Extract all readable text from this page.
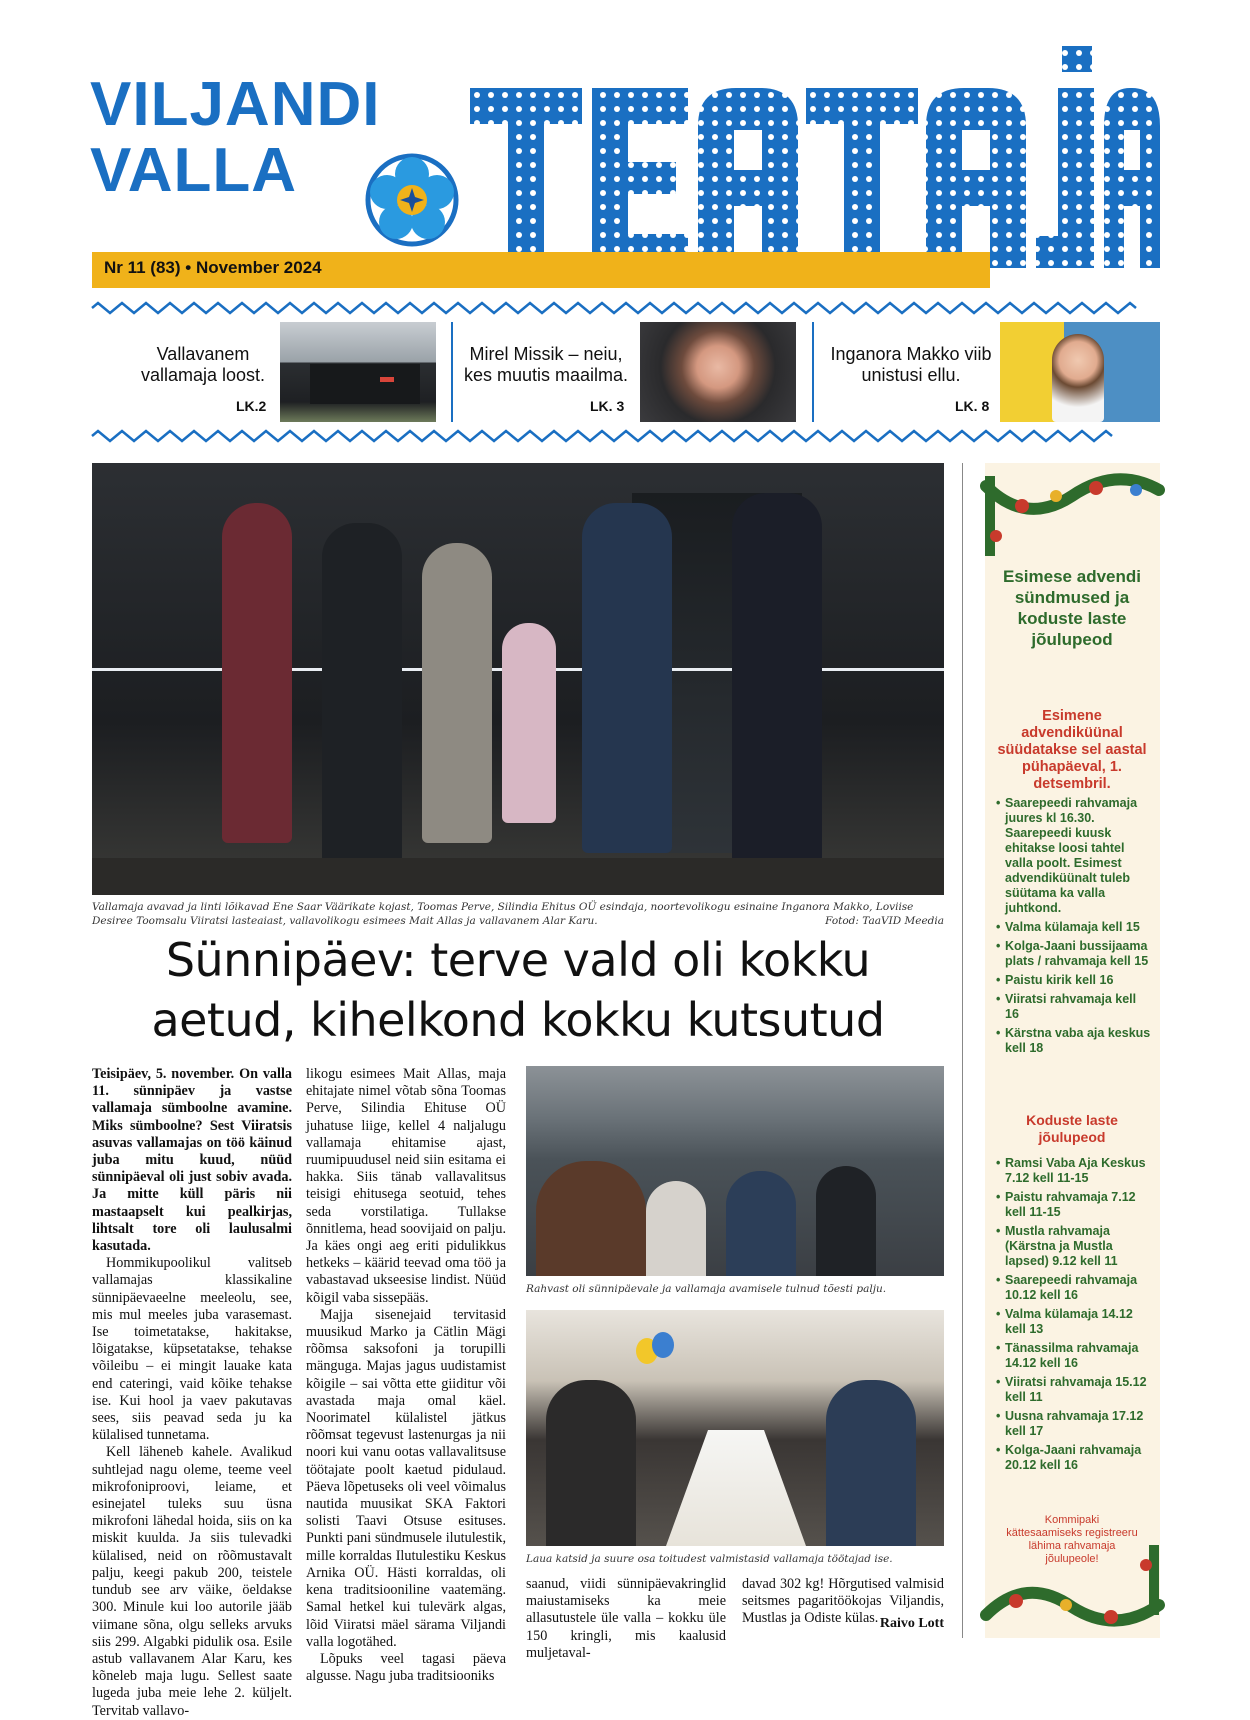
VILJANDI
VALLA
Nr 11 (83) • November 2024
Vallavanem
vallamaja loost.
LK.2
Mirel Missik – neiu,
kes muutis maailma.
LK. 3
Inganora Makko viib
unistusi ellu.
LK. 8
Vallamaja avavad ja linti lõikavad Ene Saar Väärikate kojast, Toomas Perve, Silindia Ehitus OÜ esindaja, noortevolikogu esinaine Inganora Makko, Loviise
Desiree Toomsalu Viiratsi lasteaiast, vallavolikogu esimees Mait Allas ja vallavanem Alar Karu.	Fotod: TaaVID Meedia
Sünnipäev: terve vald oli kokku
aetud, kihelkond kokku kutsutud

Teisipäev, 5. november. On valla 11. sünnipäev ja vastse vallamaja sümboolne avamine. Miks sümboolne? Sest Viiratsis asuvas vallamajas on töö käinud juba mitu kuud, nüüd sünnipäeval oli just sobiv avada. Ja mitte küll päris nii mastaapselt kui pealkirjas, lihtsalt tore oli laulusalmi kasutada.

Hommikupoolikul valitseb vallamajas klassikaline sünnipäevaeelne meeleolu, see, mis mul meeles juba varasemast. Ise toimetatakse, hakitakse, lõigatakse, küpsetatakse, tehakse võileibu – ei mingit lauake kata end cateringi, vaid kõike tehakse ise. Kui hool ja vaev pakutavas sees, siis peavad seda ju ka külalised tunnetama.

Kell läheneb kahele. Avalikud suhtlejad nagu oleme, teeme veel mikrofoniproovi, leiame, et esinejatel tuleks suu üsna mikrofoni lähedal hoida, siis on ka miskit kuulda. Ja siis tulevadki külalised, neid on rõõmustavalt palju, keegi pakub 200, teistele tundub see arv väike, öeldakse 300. Minule kui loo autorile jääb viimane sõna, olgu selleks arvuks siis 299. Algabki pidulik osa. Esile astub vallavanem Alar Karu, kes kõneleb maja lugu. Sellest saate lugeda juba meie lehe 2. küljelt. Tervitab vallavo-

likogu esimees Mait Allas, maja ehitajate nimel võtab sõna Toomas Perve, Silindia Ehituse OÜ juhatuse liige, kellel 4 naljalugu vallamaja ehitamise ajast, ruumipuudusel neid siin esitama ei hakka. Siis tänab vallavalitsus teisigi ehitusega seotuid, tehes seda vorstilatiga. Tullakse õnnitlema, head soovijaid on palju. Ja käes ongi aeg eriti pidulikkus hetkeks – käärid teevad oma töö ja vabastavad ukseesise lindist. Nüüd kõigil vaba sissepääs.

Majja sisenejaid tervitasid muusikud Marko ja Cätlin Mägi rõõmsa saksofoni ja torupilli mänguga. Majas jagus uudistamist kõigile – sai võtta ette giiditur või avastada maja omal käel. Noorimatel külalistel jätkus rõõmsat tegevust lastenurgas ja nii noori kui vanu ootas vallavalitsuse töötajate poolt kaetud pidulaud. Päeva lõpetuseks oli veel võimalus nautida muusikat SKA Faktori solisti Taavi Otsuse esituses. Punkti pani sündmusele ilutulestik, mille korraldas Ilutulestiku Keskus Arnika OÜ. Hästi korraldas, oli kena traditsiooniline vaatemäng. Samal hetkel kui tulevärk algas, lõid Viiratsi mäel särama Viljandi valla logotähed.

Lõpuks veel tagasi päeva algusse. Nagu juba traditsiooniks

Rahvast oli sünnipäevale ja vallamaja avamisele tulnud tõesti palju.
Laua katsid ja suure osa toitudest valmistasid vallamaja töötajad ise.

saanud, viidi sünnipäevakringlid maiustamiseks ka meie allasutustele üle valla – kokku üle 150 kringli, mis kaalusid muljetaval-

davad 302 kg! Hõrgutised valmisid seitsmes pagaritöökojas Viljandis, Mustlas ja Odiste külas. Raivo Lott
Esimese advendi sündmused ja koduste laste jõulupeod
Esimene advendiküünal süüdatakse sel aastal pühapäeval, 1. detsembril.
• Saarepeedi rahvamaja juures kl 16.30. Saarepeedi kuusk ehitakse loosi tahtel valla poolt. Esimest advendiküünalt tuleb süütama ka valla juhtkond.
• Valma külamaja kell 15
• Kolga-Jaani bussijaama plats / rahvamaja kell 15
• Paistu kirik kell 16
• Viiratsi rahvamaja kell 16
• Kärstna vaba aja keskus kell 18
Koduste laste jõulupeod
• Ramsi Vaba Aja Keskus 7.12 kell 11-15
• Paistu rahvamaja 7.12 kell 11-15
• Mustla rahvamaja (Kärstna ja Mustla lapsed) 9.12 kell 11
• Saarepeedi rahvamaja 10.12 kell 16
• Valma külamaja 14.12 kell 13
• Tänassilma rahvamaja 14.12 kell 16
• Viiratsi rahvamaja 15.12 kell 11
• Uusna rahvamaja 17.12 kell 17
• Kolga-Jaani rahvamaja 20.12 kell 16
Kommipaki kättesaamiseks registreeru lähima rahvamaja jõulupeole!
